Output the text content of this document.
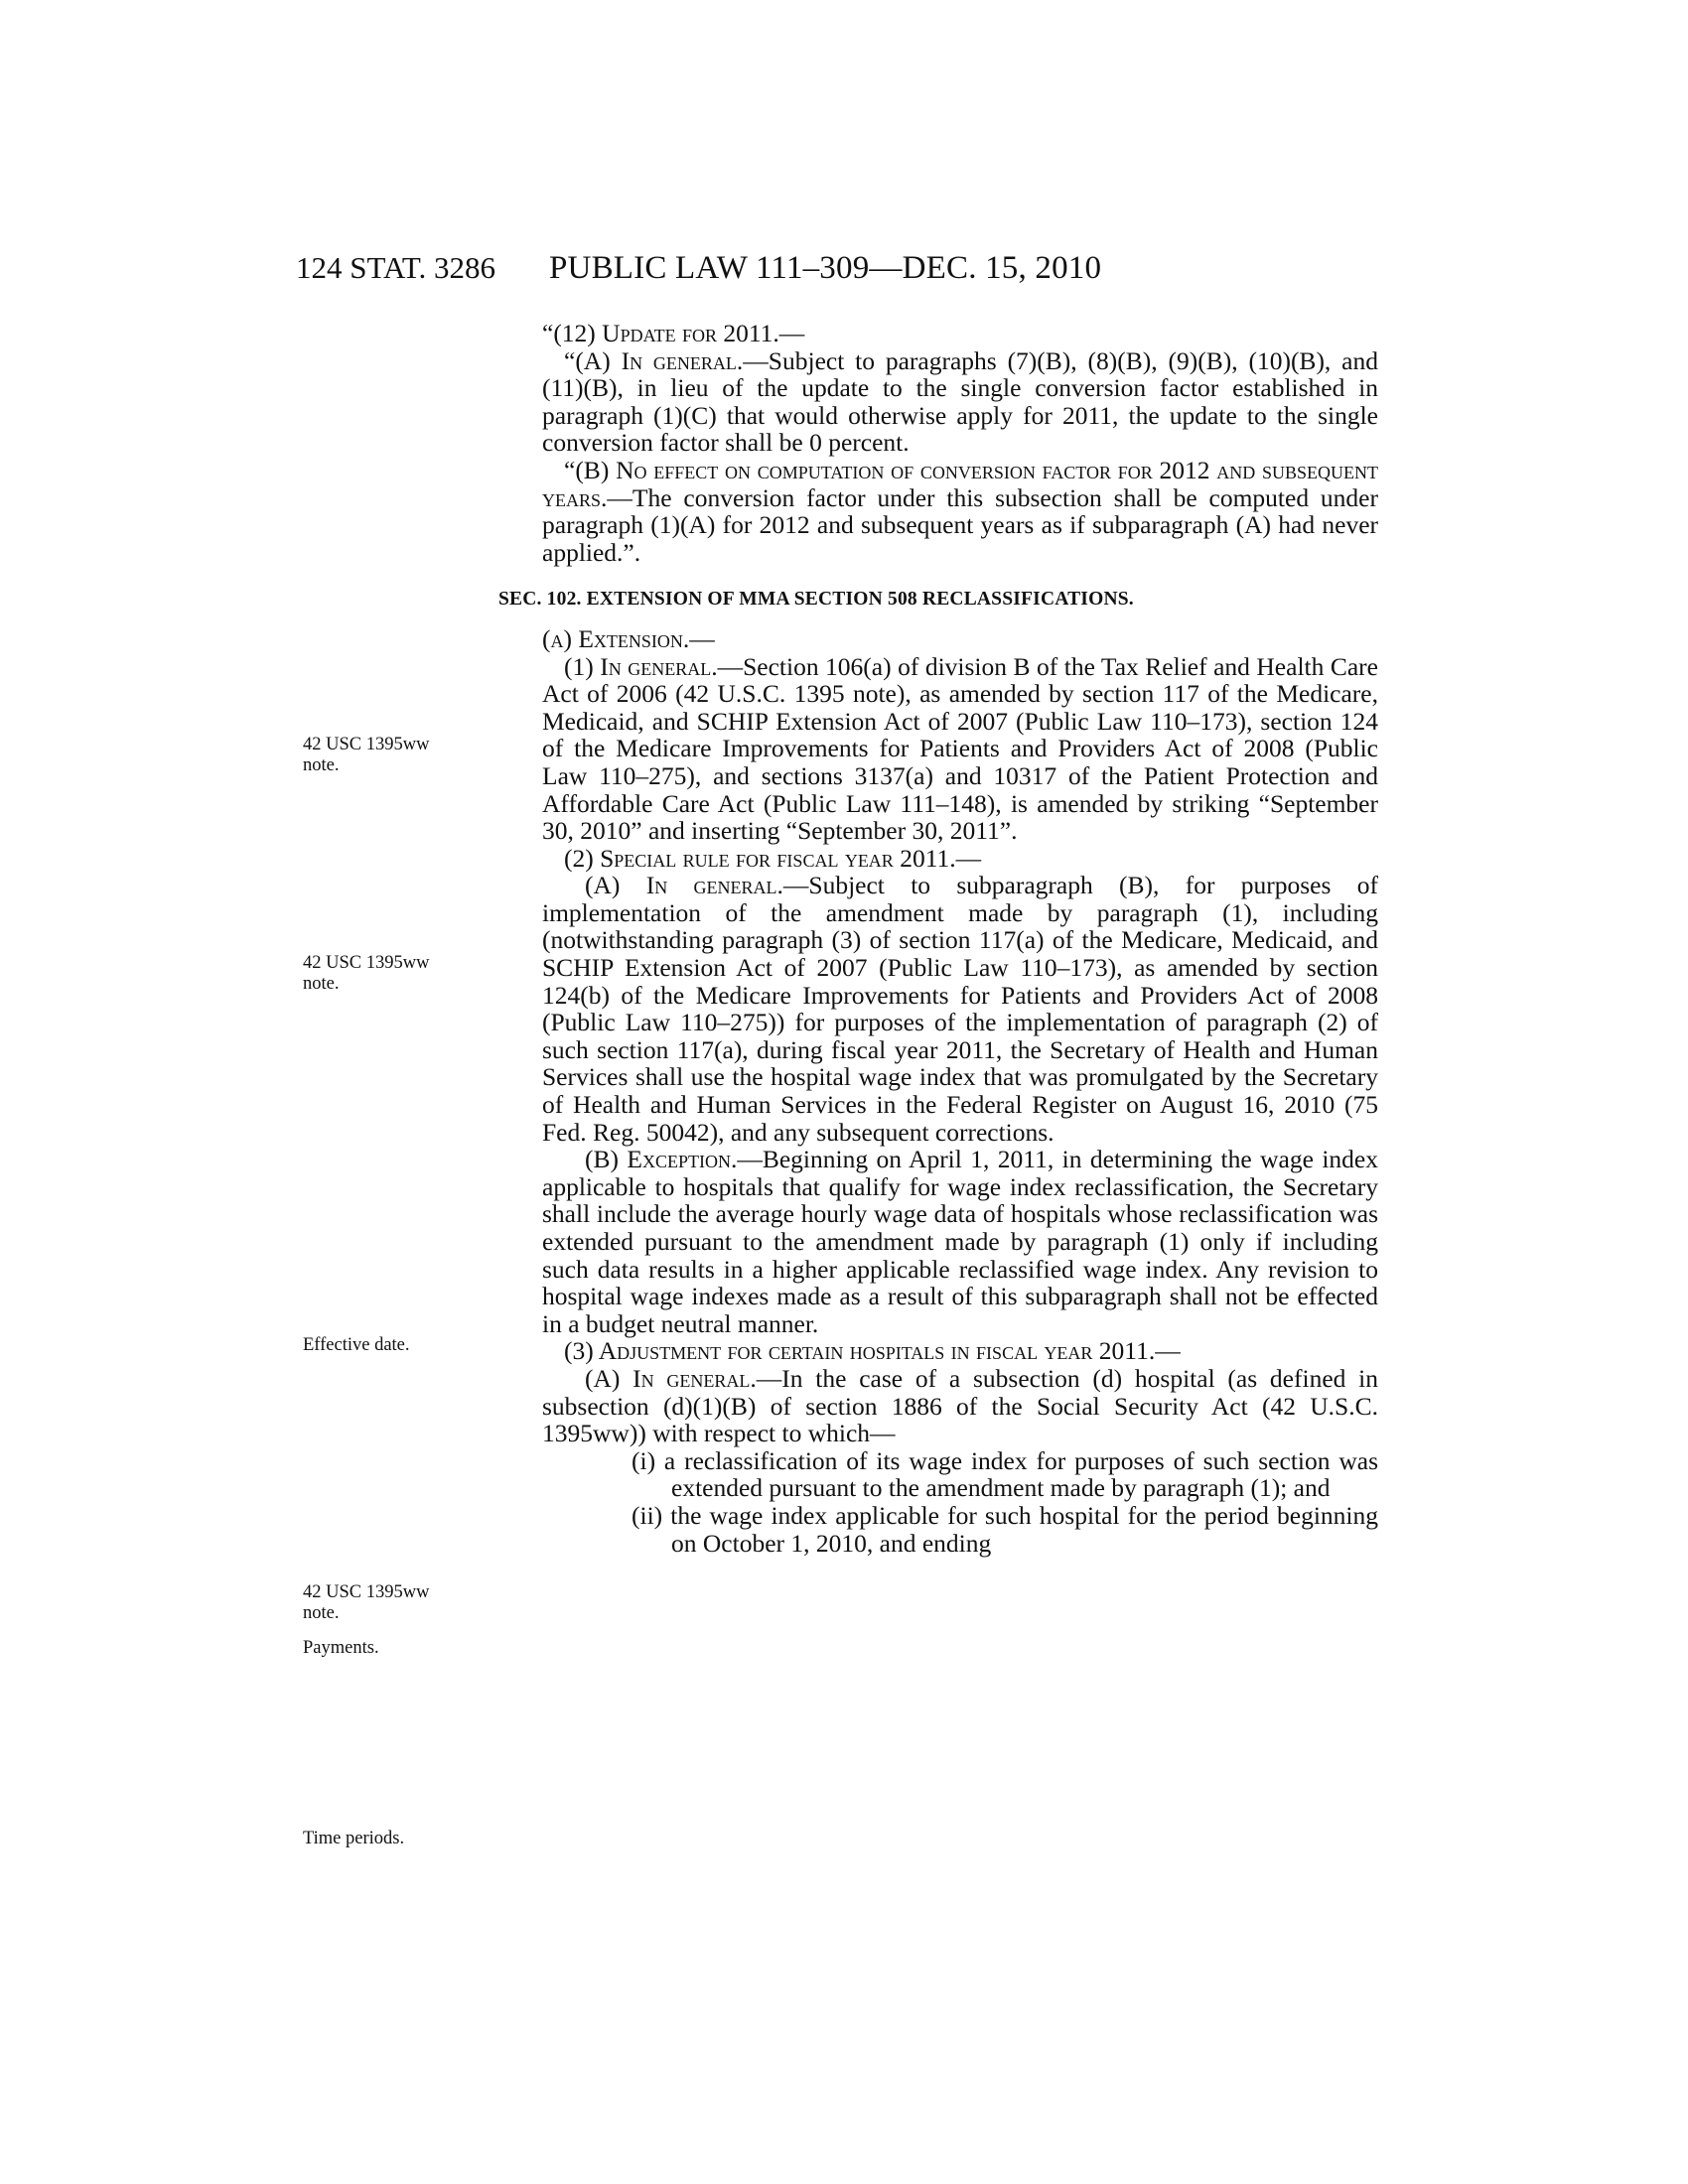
124 STAT. 3286 PUBLIC LAW 111–309—DEC. 15, 2010
42 USC 1395ww
note.
42 USC 1395ww
note.
Effective date.
42 USC 1395ww
note.
Payments.
Time periods.

“(12) Update for 2011.—

“(A) In general.—Subject to paragraphs (7)(B), (8)(B), (9)(B), (10)(B), and (11)(B), in lieu of the update to the single conversion factor established in paragraph (1)(C) that would otherwise apply for 2011, the update to the single conversion factor shall be 0 percent.

“(B) No effect on computation of conversion factor for 2012 and subsequent years.—The conversion factor under this subsection shall be computed under paragraph (1)(A) for 2012 and subsequent years as if subparagraph (A) had never applied.”.

SEC. 102. EXTENSION OF MMA SECTION 508 RECLASSIFICATIONS.

(a) Extension.—

(1) In general.—Section 106(a) of division B of the Tax Relief and Health Care Act of 2006 (42 U.S.C. 1395 note), as amended by section 117 of the Medicare, Medicaid, and SCHIP Extension Act of 2007 (Public Law 110–173), section 124 of the Medicare Improvements for Patients and Providers Act of 2008 (Public Law 110–275), and sections 3137(a) and 10317 of the Patient Protection and Affordable Care Act (Public Law 111–148), is amended by striking “September 30, 2010” and inserting “September 30, 2011”.

(2) Special rule for fiscal year 2011.—

(A) In general.—Subject to subparagraph (B), for purposes of implementation of the amendment made by paragraph (1), including (notwithstanding paragraph (3) of section 117(a) of the Medicare, Medicaid, and SCHIP Extension Act of 2007 (Public Law 110–173), as amended by section 124(b) of the Medicare Improvements for Patients and Providers Act of 2008 (Public Law 110–275)) for purposes of the implementation of paragraph (2) of such section 117(a), during fiscal year 2011, the Secretary of Health and Human Services shall use the hospital wage index that was promulgated by the Secretary of Health and Human Services in the Federal Register on August 16, 2010 (75 Fed. Reg. 50042), and any subsequent corrections.

(B) Exception.—Beginning on April 1, 2011, in determining the wage index applicable to hospitals that qualify for wage index reclassification, the Secretary shall include the average hourly wage data of hospitals whose reclassification was extended pursuant to the amendment made by paragraph (1) only if including such data results in a higher applicable reclassified wage index. Any revision to hospital wage indexes made as a result of this subparagraph shall not be effected in a budget neutral manner.

(3) Adjustment for certain hospitals in fiscal year 2011.—

(A) In general.—In the case of a subsection (d) hospital (as defined in subsection (d)(1)(B) of section 1886 of the Social Security Act (42 U.S.C. 1395ww)) with respect to which—

(i) a reclassification of its wage index for purposes of such section was extended pursuant to the amendment made by paragraph (1); and

(ii) the wage index applicable for such hospital for the period beginning on October 1, 2010, and ending
